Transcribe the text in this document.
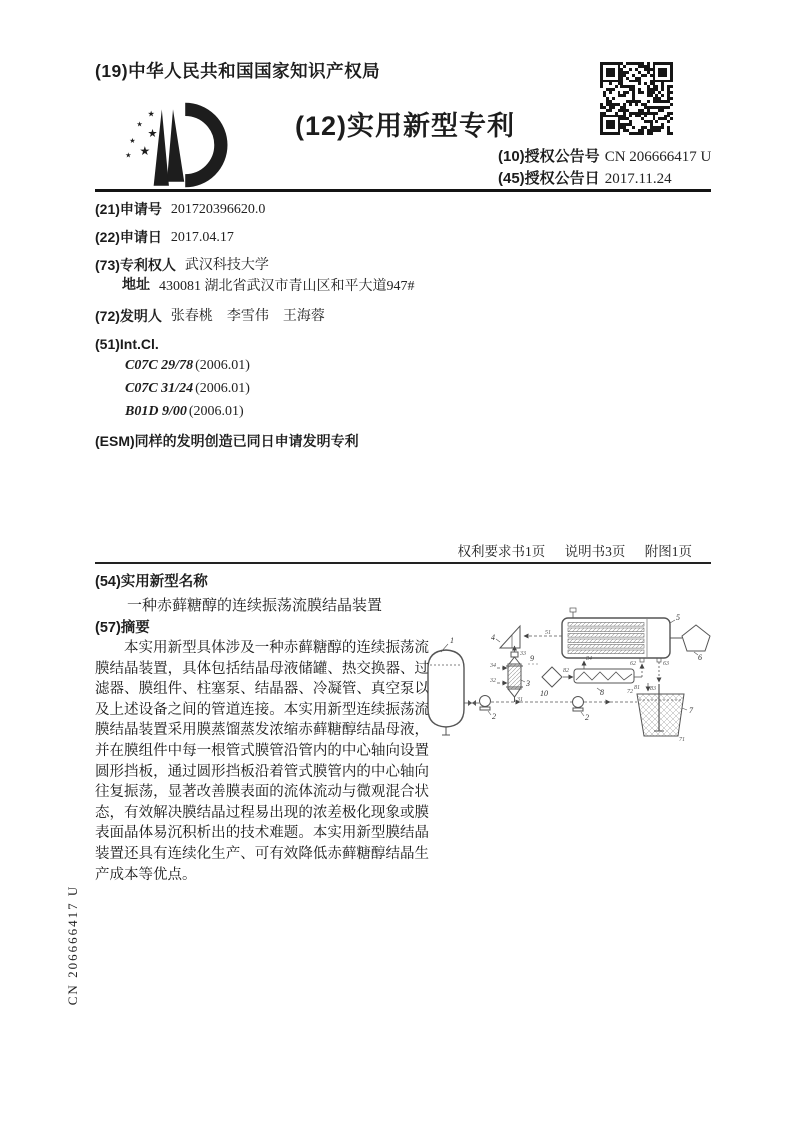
(19)中华人民共和国国家知识产权局
★
★
★
★
★
★
(12)实用新型专利
(10)授权公告号 CN 206666417 U
(45)授权公告日 2017.11.24
(21)申请号 201720396620.0
(22)申请日 2017.04.17
(73)专利权人 武汉科技大学
地址 430081 湖北省武汉市青山区和平大道947#
(72)发明人 张春桃　李雪伟　王海蓉
(51)Int.Cl.
C07C 29/78 (2006.01)
C07C 31/24 (2006.01)
B01D 9/00 (2006.01)
(ESM)同样的发明创造已同日申请发明专利
权利要求书1页 说明书3页 附图1页
(54)实用新型名称
一种赤藓糖醇的连续振荡流膜结晶装置
(57)摘要
本实用新型具体涉及一种赤藓糖醇的连续振荡流膜结晶装置，具体包括结晶母液储罐、热交换器、过滤器、膜组件、柱塞泵、结晶器、冷凝管、真空泵以及上述设备之间的管道连接。本实用新型连续振荡流膜结晶装置采用膜蒸馏蒸发浓缩赤藓糖醇结晶母液，并在膜组件中每一根管式膜管沿管内的中心轴向设置圆形挡板，通过圆形挡板沿着管式膜管内的中心轴向往复振荡，显著改善膜表面的流体流动与微观混合状态，有效解决膜结晶过程易出现的浓差极化现象或膜表面晶体易沉积析出的技术难题。本实用新型膜结晶装置还具有连续化生产、可有效降低赤藓糖醇结晶生产成本等优点。
1
2	2
3
4
5
6
7
8
9
10
31
32
33
34
51
62	63
71
72
81
82
83
84
CN 206666417 U
